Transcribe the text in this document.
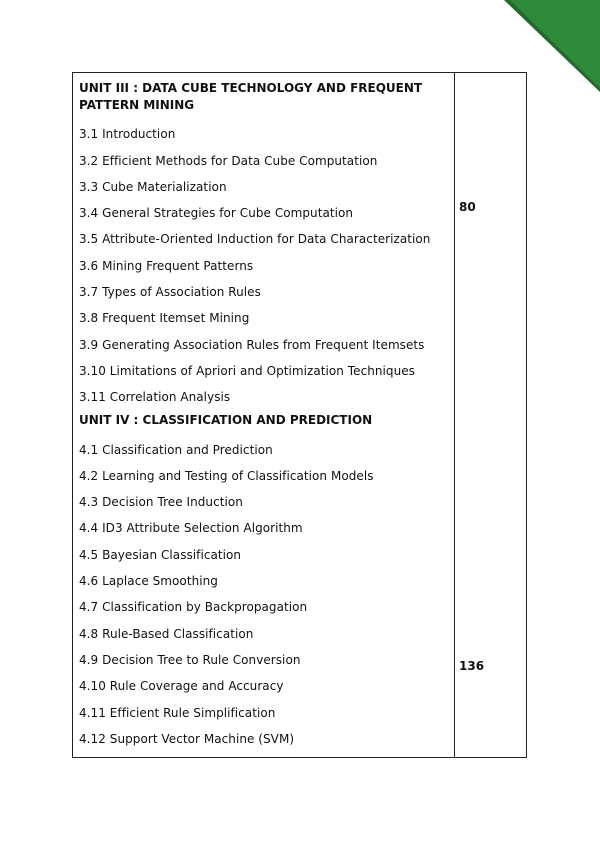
UNIT III : DATA CUBE TECHNOLOGY AND FREQUENT PATTERN MINING
3.1 Introduction
3.2 Efficient Methods for Data Cube Computation
3.3 Cube Materialization
3.4 General Strategies for Cube Computation
3.5 Attribute-Oriented Induction for Data Characterization
3.6 Mining Frequent Patterns
3.7 Types of Association Rules
3.8 Frequent Itemset Mining
3.9 Generating Association Rules from Frequent Itemsets
3.10 Limitations of Apriori and Optimization Techniques
3.11 Correlation Analysis
UNIT IV : CLASSIFICATION AND PREDICTION
4.1 Classification and Prediction
4.2 Learning and Testing of Classification Models
4.3 Decision Tree Induction
4.4 ID3 Attribute Selection Algorithm
4.5 Bayesian Classification
4.6 Laplace Smoothing
4.7 Classification by Backpropagation
4.8 Rule-Based Classification
4.9 Decision Tree to Rule Conversion
4.10 Rule Coverage and Accuracy
4.11 Efficient Rule Simplification
4.12 Support Vector Machine (SVM)
80
136
